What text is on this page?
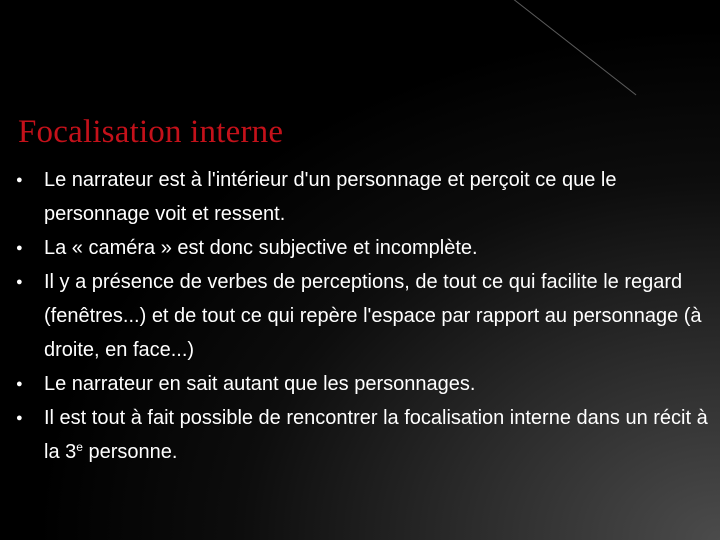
Focalisation interne
● Le narrateur est à l'intérieur d'un personnage et perçoit ce que le personnage voit et ressent.
● La « caméra » est donc subjective et incomplète.
● Il y a présence de verbes de perceptions, de tout ce qui facilite le regard (fenêtres...) et de tout ce qui repère l'espace par rapport au personnage (à droite, en face...)
● Le narrateur en sait autant que les personnages.
● Il est tout à fait possible de rencontrer la focalisation interne dans un récit à la 3e personne.
